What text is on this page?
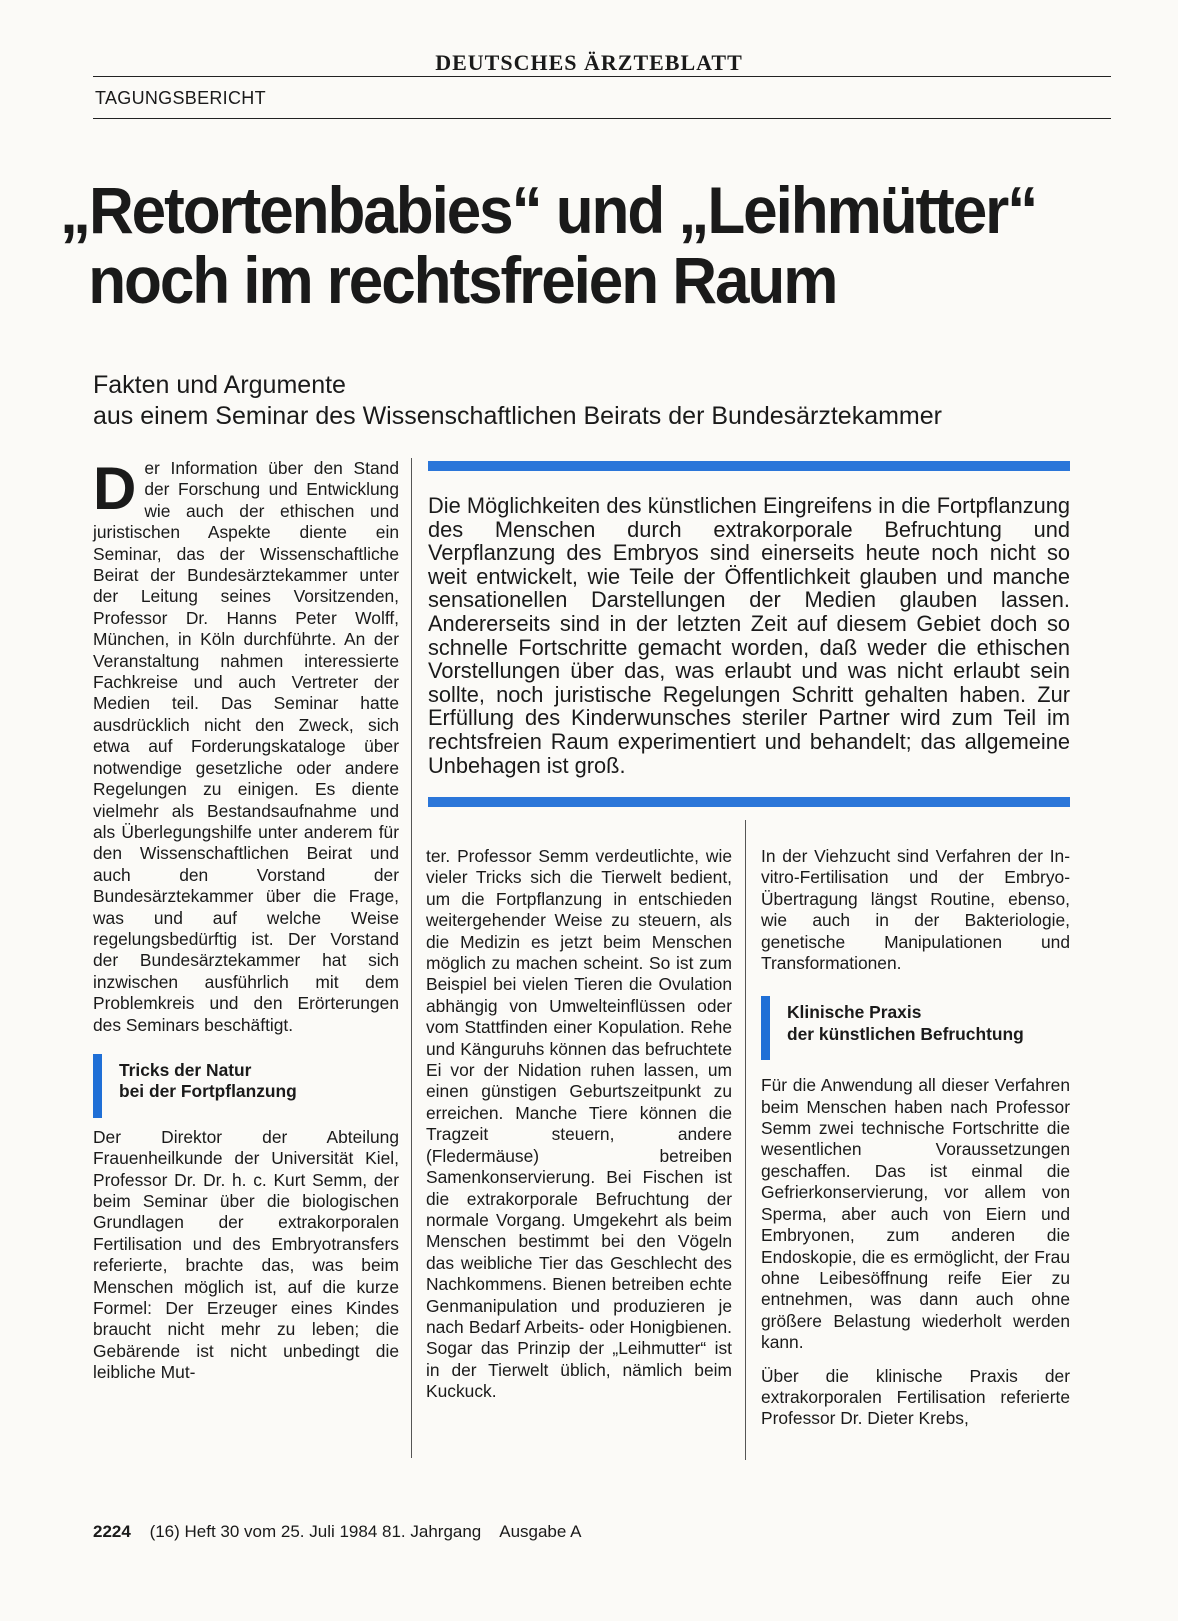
DEUTSCHES ÄRZTEBLATT
TAGUNGSBERICHT
„Retortenbabies“ und „Leihmütter“
noch im rechtsfreien Raum
Fakten und Argumente
aus einem Seminar des Wissenschaftlichen Beirats der Bundesärztekammer

Der Information über den Stand der Forschung und Entwicklung wie auch der ethischen und juristischen Aspekte diente ein Seminar, das der Wissenschaftliche Beirat der Bundesärztekammer unter der Leitung seines Vorsitzenden, Professor Dr. Hanns Peter Wolff, München, in Köln durchführte. An der Veranstaltung nahmen interessierte Fachkreise und auch Vertreter der Medien teil. Das Seminar hatte ausdrücklich nicht den Zweck, sich etwa auf Forderungskataloge über notwendige gesetzliche oder andere Regelungen zu einigen. Es diente vielmehr als Bestandsaufnahme und als Überlegungshilfe unter anderem für den Wissenschaftlichen Beirat und auch den Vorstand der Bundesärztekammer über die Frage, was und auf welche Weise regelungsbedürftig ist. Der Vorstand der Bundesärztekammer hat sich inzwischen ausführlich mit dem Problemkreis und den Erörterungen des Seminars beschäftigt.

Tricks der Natur
bei der Fortpflanzung

Der Direktor der Abteilung Frauenheilkunde der Universität Kiel, Professor Dr. Dr. h. c. Kurt Semm, der beim Seminar über die biologischen Grundlagen der extrakorporalen Fertilisation und des Embryotransfers referierte, brachte das, was beim Menschen möglich ist, auf die kurze Formel: Der Erzeuger eines Kindes braucht nicht mehr zu leben; die Gebärende ist nicht unbedingt die leibliche Mut-

Die Möglichkeiten des künstlichen Eingreifens in die Fortpflanzung des Menschen durch extrakorporale Befruchtung und Verpflanzung des Embryos sind einerseits heute noch nicht so weit entwickelt, wie Teile der Öffentlichkeit glauben und manche sensationellen Darstellungen der Medien glauben lassen. Andererseits sind in der letzten Zeit auf diesem Gebiet doch so schnelle Fortschritte gemacht worden, daß weder die ethischen Vorstellungen über das, was erlaubt und was nicht erlaubt sein sollte, noch juristische Regelungen Schritt gehalten haben. Zur Erfüllung des Kinderwunsches steriler Partner wird zum Teil im rechtsfreien Raum experimentiert und behandelt; das allgemeine Unbehagen ist groß.

ter. Professor Semm verdeutlichte, wie vieler Tricks sich die Tierwelt bedient, um die Fortpflanzung in entschieden weitergehender Weise zu steuern, als die Medizin es jetzt beim Menschen möglich zu machen scheint. So ist zum Beispiel bei vielen Tieren die Ovulation abhängig von Umwelteinflüssen oder vom Stattfinden einer Kopulation. Rehe und Känguruhs können das befruchtete Ei vor der Nidation ruhen lassen, um einen günstigen Geburtszeitpunkt zu erreichen. Manche Tiere können die Tragzeit steuern, andere (Fledermäuse) betreiben Samenkonservierung. Bei Fischen ist die extrakorporale Befruchtung der normale Vorgang. Umgekehrt als beim Menschen bestimmt bei den Vögeln das weibliche Tier das Geschlecht des Nachkommens. Bienen betreiben echte Genmanipulation und produzieren je nach Bedarf Arbeits- oder Honigbienen. Sogar das Prinzip der „Leihmutter“ ist in der Tierwelt üblich, nämlich beim Kuckuck.

In der Viehzucht sind Verfahren der In-vitro-Fertilisation und der Embryo-Übertragung längst Routine, ebenso, wie auch in der Bakteriologie, genetische Manipulationen und Transformationen.

Klinische Praxis
der künstlichen Befruchtung

Für die Anwendung all dieser Verfahren beim Menschen haben nach Professor Semm zwei technische Fortschritte die wesentlichen Voraussetzungen geschaffen. Das ist einmal die Gefrierkonservierung, vor allem von Sperma, aber auch von Eiern und Embryonen, zum anderen die Endoskopie, die es ermöglicht, der Frau ohne Leibesöffnung reife Eier zu entnehmen, was dann auch ohne größere Belastung wiederholt werden kann.

Über die klinische Praxis der extrakorporalen Fertilisation referierte Professor Dr. Dieter Krebs,

2224 (16) Heft 30 vom 25. Juli 1984 81. Jahrgang Ausgabe A
